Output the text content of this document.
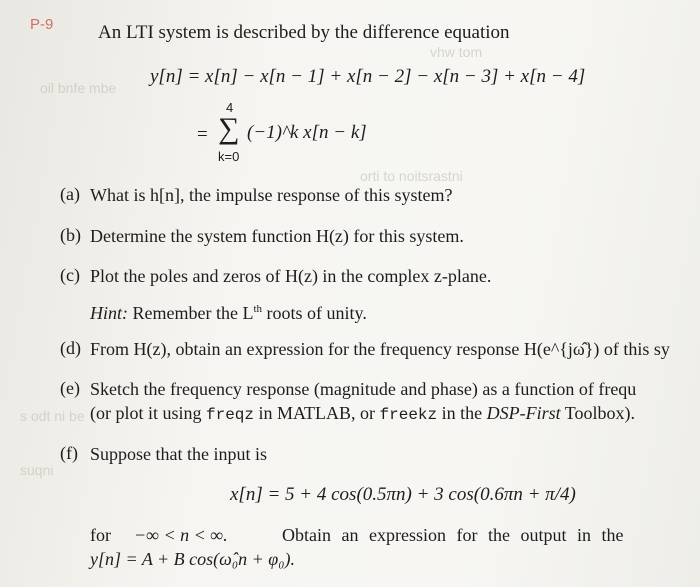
vhw tom
oil bnfe mbe
orti to noitsrastni
s odt ni be
suqni
P-9 An LTI system is described by the difference equation
y[n] = x[n] − x[n − 1] + x[n − 2] − x[n − 3] + x[n − 4]
=
4
∑
k=0
(−1)^k x[n − k]
(a) What is h[n], the impulse response of this system?
(b) Determine the system function H(z) for this system.
(c) Plot the poles and zeros of H(z) in the complex z-plane.
Hint: Remember the Lth roots of unity.
(d) From H(z), obtain an expression for the frequency response H(e^{jω̂}) of this sy
(e) Sketch the frequency response (magnitude and phase) as a function of frequ
(or plot it using freqz in MATLAB, or freekz in the DSP-First Toolbox).
(f) Suppose that the input is
x[n] = 5 + 4 cos(0.5πn) + 3 cos(0.6πn + π/4)
for −∞ < n < ∞.	Obtain an expression for the output in the
y[n] = A + B cos(ω̂₀n + φ₀).
